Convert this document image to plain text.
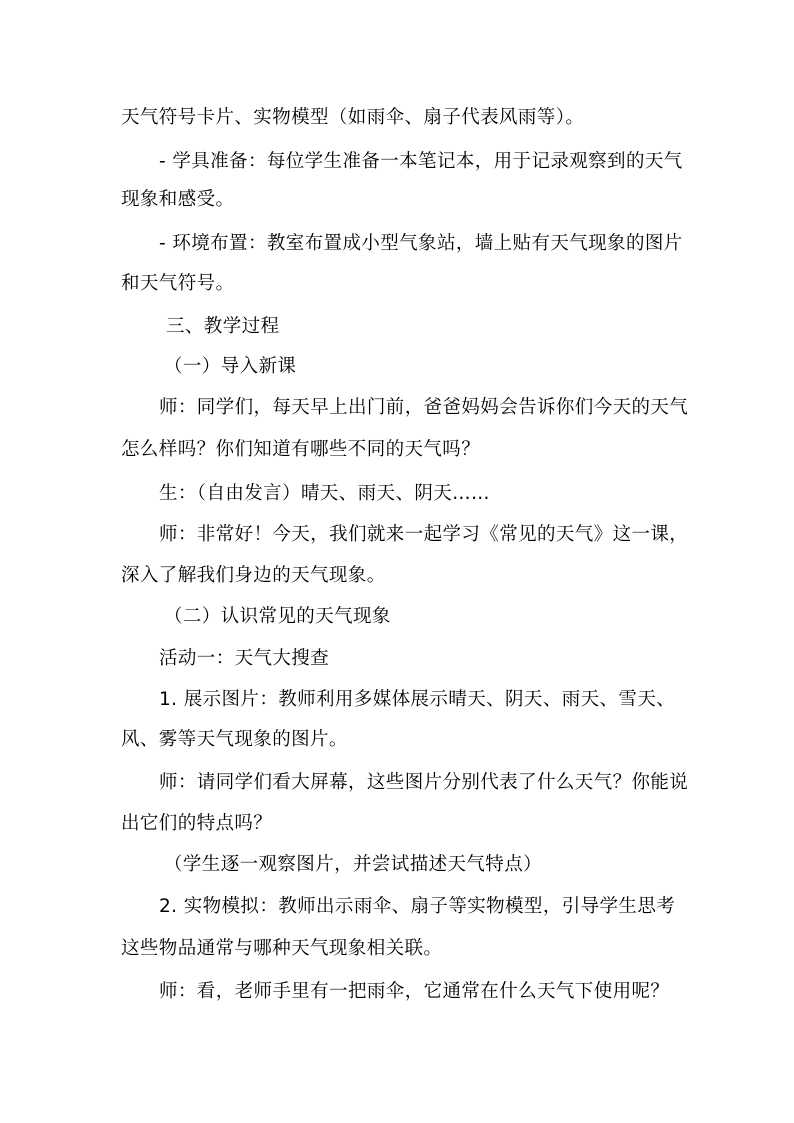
天气符号卡片、实物模型（如雨伞、扇子代表风雨等）。
- 学具准备：每位学生准备一本笔记本，用于记录观察到的天气
现象和感受。
- 环境布置：教室布置成小型气象站，墙上贴有天气现象的图片
和天气符号。
三、教学过程
（一）导入新课
师：同学们，每天早上出门前，爸爸妈妈会告诉你们今天的天气
怎么样吗？你们知道有哪些不同的天气吗？
生：（自由发言）晴天、雨天、阴天……
师：非常好！今天，我们就来一起学习《常见的天气》这一课，
深入了解我们身边的天气现象。
（二）认识常见的天气现象
活动一：天气大搜查
1. 展示图片：教师利用多媒体展示晴天、阴天、雨天、雪天、
风、雾等天气现象的图片。
师：请同学们看大屏幕，这些图片分别代表了什么天气？你能说
出它们的特点吗？
（学生逐一观察图片，并尝试描述天气特点）
2. 实物模拟：教师出示雨伞、扇子等实物模型，引导学生思考
这些物品通常与哪种天气现象相关联。
师：看，老师手里有一把雨伞，它通常在什么天气下使用呢？
